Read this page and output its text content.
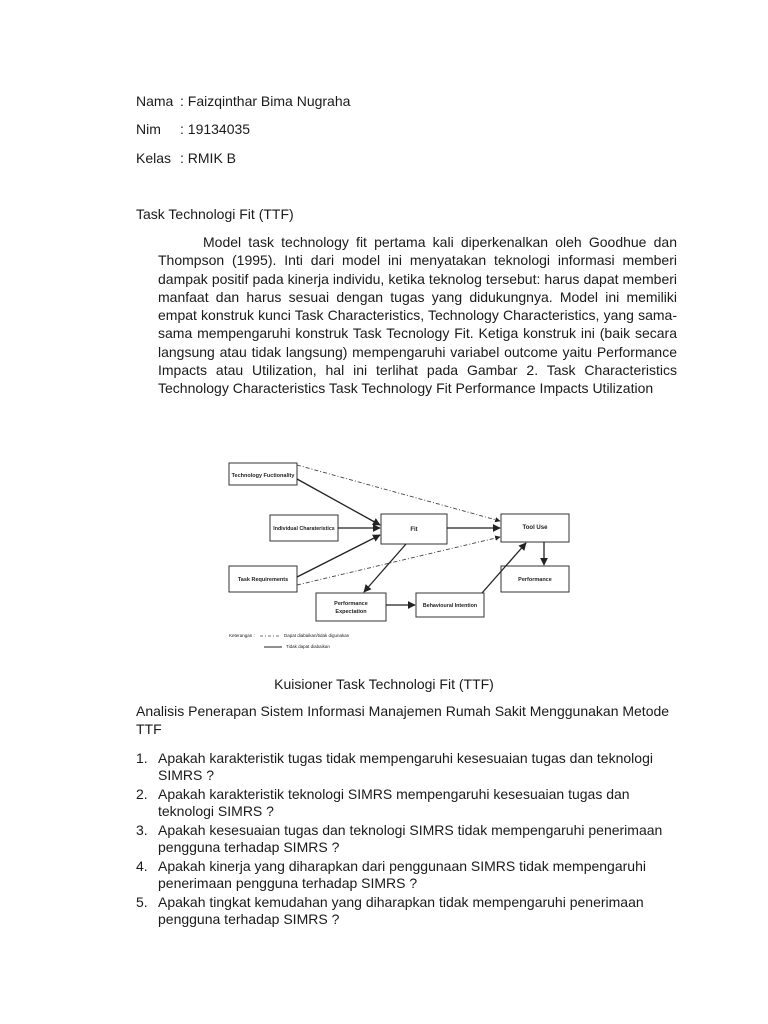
Nama : Faizqinthar Bima Nugraha
Nim : 19134035
Kelas : RMIK B
Task Technologi Fit (TTF)

Model task technology fit pertama kali diperkenalkan oleh Goodhue dan Thompson (1995). Inti dari model ini menyatakan teknologi informasi memberi dampak positif pada kinerja individu, ketika teknolog tersebut: harus dapat memberi manfaat dan harus sesuai dengan tugas yang didukungnya. Model ini memiliki empat konstruk kunci Task Characteristics, Technology Characteristics, yang sama-sama mempengaruhi konstruk Task Tecnology Fit. Ketiga konstruk ini (baik secara langsung atau tidak langsung) mempengaruhi variabel outcome yaitu Performance Impacts atau Utilization, hal ini terlihat pada Gambar 2. Task Characteristics Technology Characteristics Task Technology Fit Performance Impacts Utilization

Technology Fuctionality
Individual Charateristics	Fit	Tool Use
Task Requirements	Performance
Performance
Expectation
Behavioural Intention
Keterangan :	Dapat diabaikan/tidak digunakan
Tidak dapat diabaikan
Kuisioner Task Technologi Fit (TTF)
Analisis Penerapan Sistem Informasi Manajemen Rumah Sakit Menggunakan Metode TTF
1. Apakah karakteristik tugas tidak mempengaruhi kesesuaian tugas dan teknologi SIMRS ?
2. Apakah karakteristik teknologi SIMRS mempengaruhi kesesuaian tugas dan teknologi SIMRS ?
3. Apakah kesesuaian tugas dan teknologi SIMRS tidak mempengaruhi penerimaan pengguna terhadap SIMRS ?
4. Apakah kinerja yang diharapkan dari penggunaan SIMRS tidak mempengaruhi penerimaan pengguna terhadap SIMRS ?
5. Apakah tingkat kemudahan yang diharapkan tidak mempengaruhi penerimaan pengguna terhadap SIMRS ?
